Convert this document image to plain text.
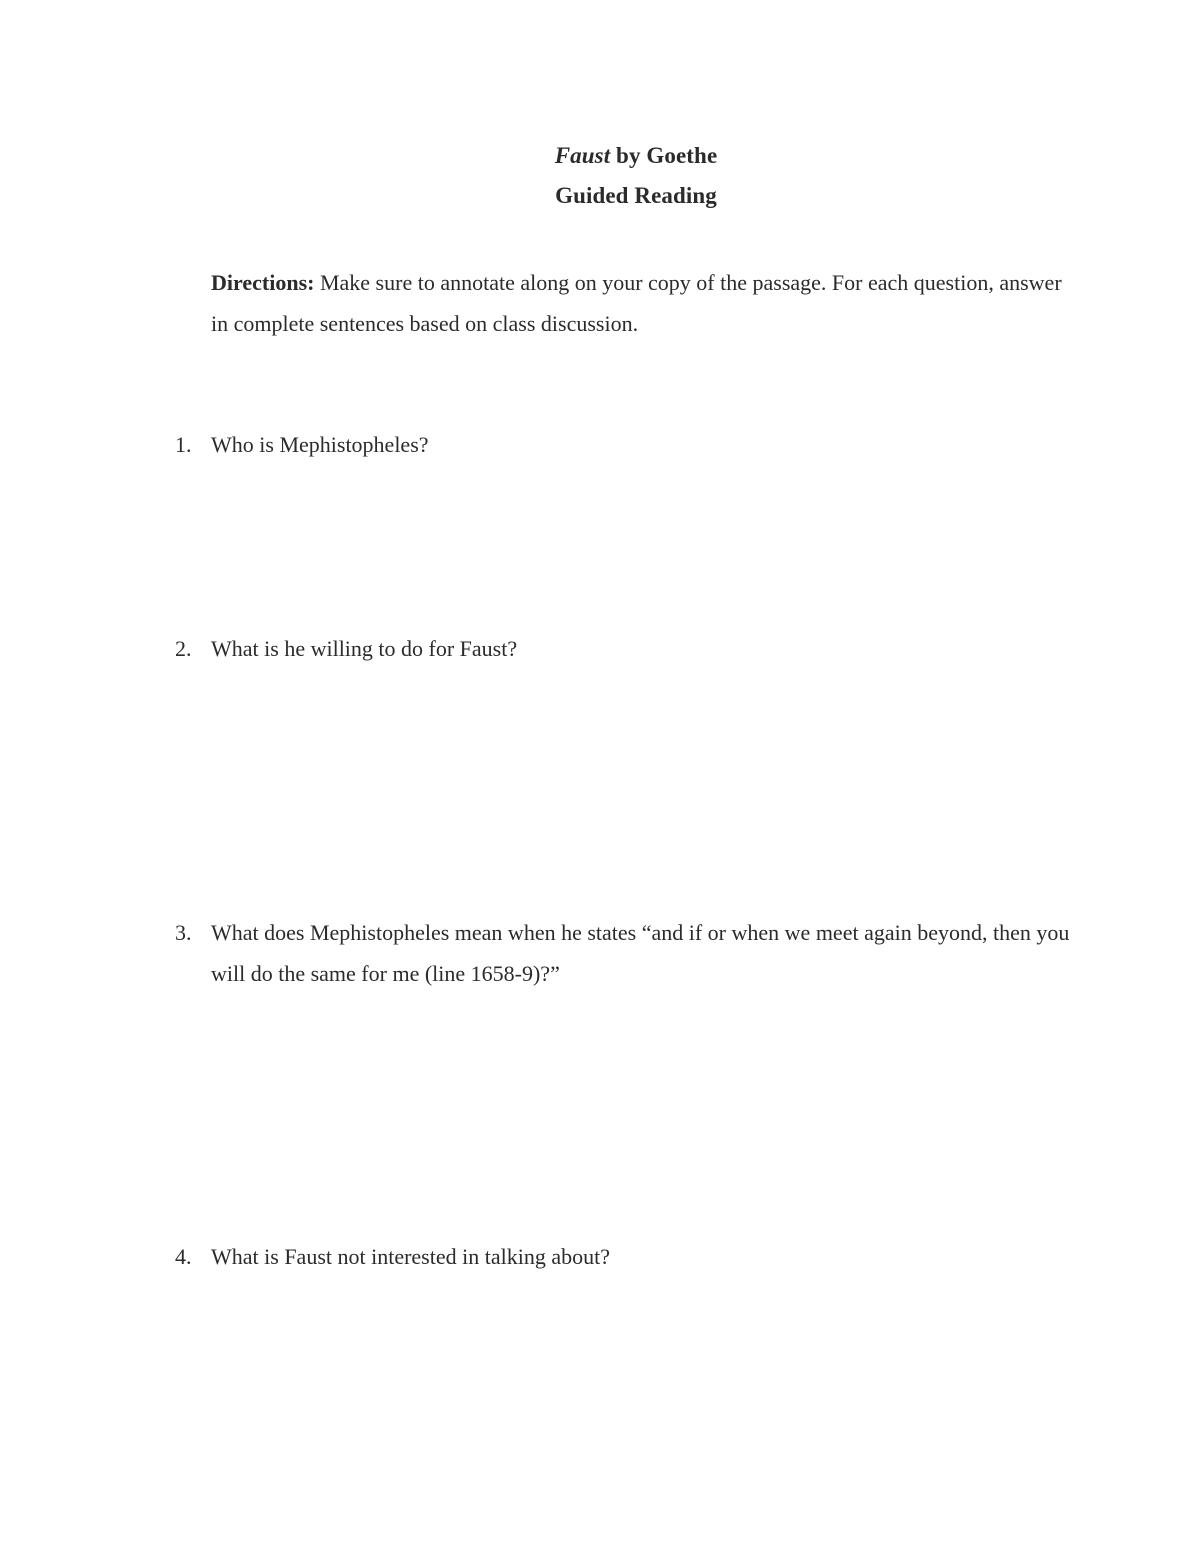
Faust by Goethe
Guided Reading
Directions: Make sure to annotate along on your copy of the passage. For each question, answer in complete sentences based on class discussion.
1. Who is Mephistopheles?
2. What is he willing to do for Faust?
3. What does Mephistopheles mean when he states “and if or when we meet again beyond, then you will do the same for me (line 1658-9)?”
4. What is Faust not interested in talking about?
